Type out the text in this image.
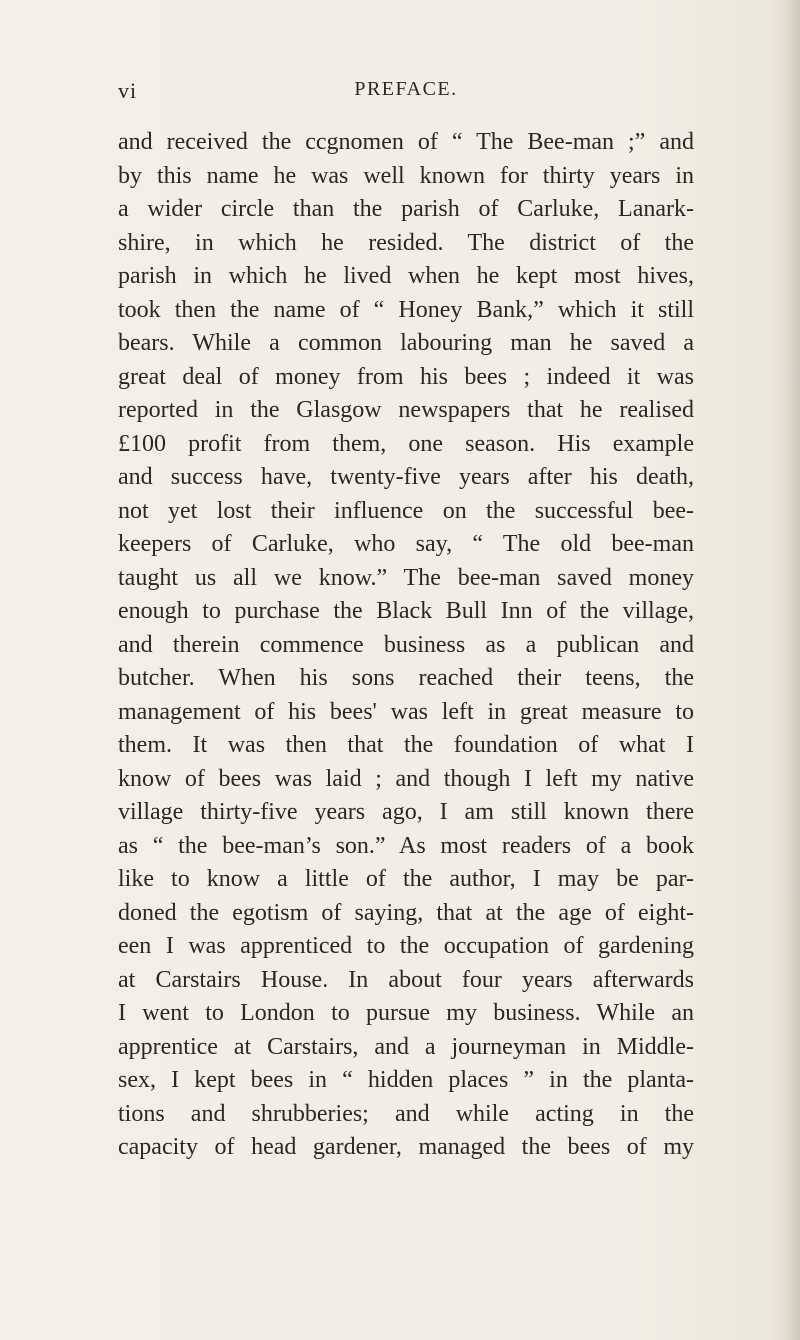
vi	PREFACE.
and received the ccgnomen of “ The Bee-man ;” and
by this name he was well known for thirty years in
a wider circle than the parish of Carluke, Lanark-
shire, in which he resided. The district of the
parish in which he lived when he kept most hives,
took then the name of “ Honey Bank,” which it still
bears. While a common labouring man he saved a
great deal of money from his bees ; indeed it was
reported in the Glasgow newspapers that he realised
£100 profit from them, one season. His example
and success have, twenty-five years after his death,
not yet lost their influence on the successful bee-
keepers of Carluke, who say, “ The old bee-man
taught us all we know.” The bee-man saved money
enough to purchase the Black Bull Inn of the village,
and therein commence business as a publican and
butcher. When his sons reached their teens, the
management of his bees' was left in great measure to
them. It was then that the foundation of what I
know of bees was laid ; and though I left my native
village thirty-five years ago, I am still known there
as “ the bee-man’s son.” As most readers of a book
like to know a little of the author, I may be par-
doned the egotism of saying, that at the age of eight-
een I was apprenticed to the occupation of gardening
at Carstairs House. In about four years afterwards
I went to London to pursue my business. While an
apprentice at Carstairs, and a journeyman in Middle-
sex, I kept bees in “ hidden places ” in the planta-
tions and shrubberies; and while acting in the
capacity of head gardener, managed the bees of my
